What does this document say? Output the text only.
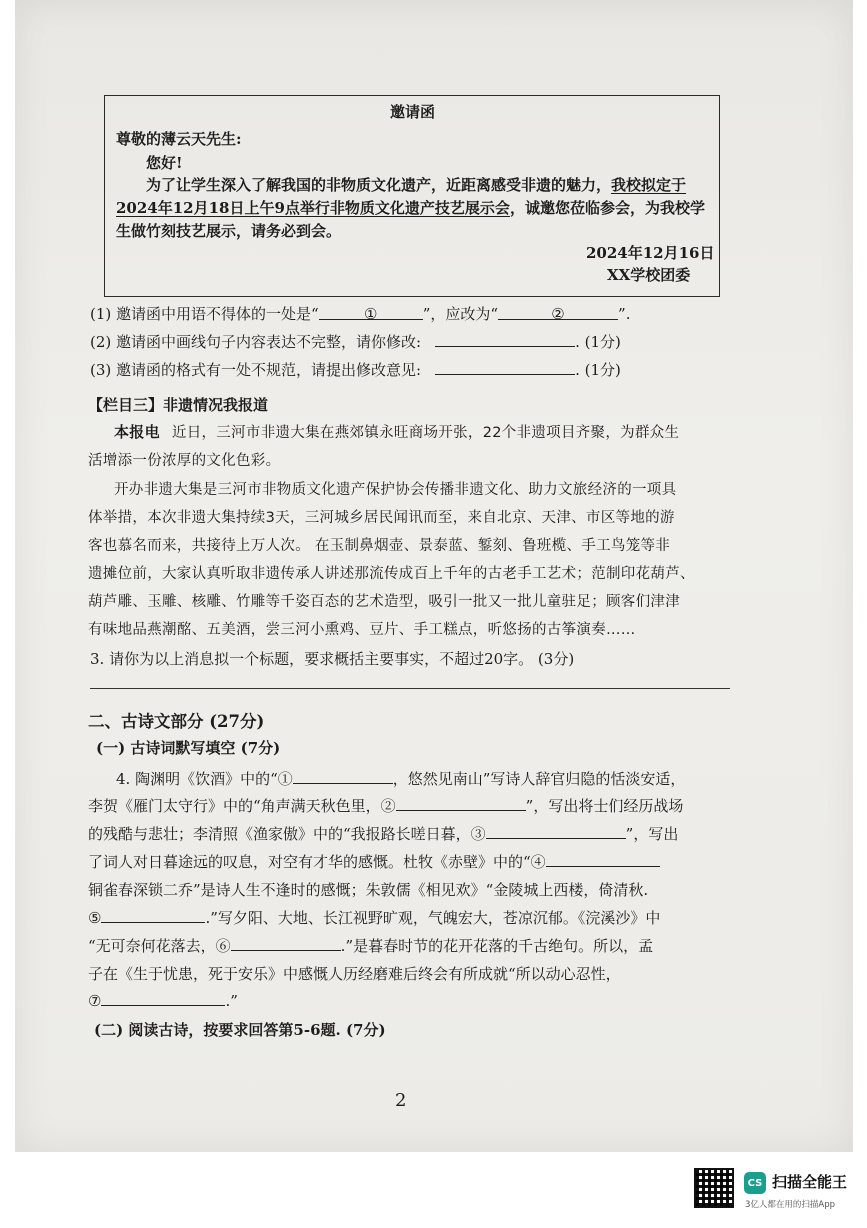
邀请函
尊敬的薄云天先生:
您好!
为了让学生深入了解我国的非物质文化遗产，近距离感受非遗的魅力，我校拟定于
2024年12月18日上午9点举行非物质文化遗产技艺展示会，诚邀您莅临参会，为我校学
生做竹刻技艺展示，请务必到会。
2024年12月16日
XX学校团委
(1) 邀请函中用语不得体的一处是“	①	”，应改为“	②	”.
(2) 邀请函中画线句子内容表达不完整，请你修改:	. (1分)
(3) 邀请函的格式有一处不规范，请提出修改意见:	. (1分)
【栏目三】非遗情况我报道
本报电 近日，三河市非遗大集在燕郊镇永旺商场开张，22个非遗项目齐聚，为群众生
活增添一份浓厚的文化色彩。
开办非遗大集是三河市非物质文化遗产保护协会传播非遗文化、助力文旅经济的一项具
体举措，本次非遗大集持续3天，三河城乡居民闻讯而至，来自北京、天津、市区等地的游
客也慕名而来，共接待上万人次。 在玉制鼻烟壶、景泰蓝、錾刻、鲁班榄、手工鸟笼等非
遗摊位前，大家认真听取非遗传承人讲述那流传成百上千年的古老手工艺术；范制印花葫芦、
葫芦雕、玉雕、核雕、竹雕等千姿百态的艺术造型，吸引一批又一批儿童驻足；顾客们津津
有味地品燕潮酩、五美酒，尝三河小熏鸡、豆片、手工糕点，听悠扬的古筝演奏……
3. 请你为以上消息拟一个标题，要求概括主要事实，不超过20字。 (3分)
二、古诗文部分 (27分)
(一) 古诗词默写填空 (7分)
4. 陶渊明《饮酒》中的“①	，悠然见南山”写诗人辞官归隐的恬淡安适，
李贺《雁门太守行》中的“角声满天秋色里，②	”，写出将士们经历战场
的残酷与悲壮；李清照《渔家傲》中的“我报路长嗟日暮，③	”，写出
了词人对日暮途远的叹息，对空有才华的感慨。杜牧《赤壁》中的“④
铜雀春深锁二乔”是诗人生不逢时的感慨；朱敦儒《相见欢》“金陵城上西楼，倚清秋.
⑤	.”写夕阳、大地、长江视野旷观，气魄宏大，苍凉沉郁。《浣溪沙》中
“无可奈何花落去，⑥	.”是暮春时节的花开花落的千古绝句。所以，孟
子在《生于忧患，死于安乐》中感慨人历经磨难后终会有所成就“所以动心忍性，
⑦	.”
(二) 阅读古诗，按要求回答第5-6题. (7分)
2
CS 扫描全能王
3亿人都在用的扫描App
